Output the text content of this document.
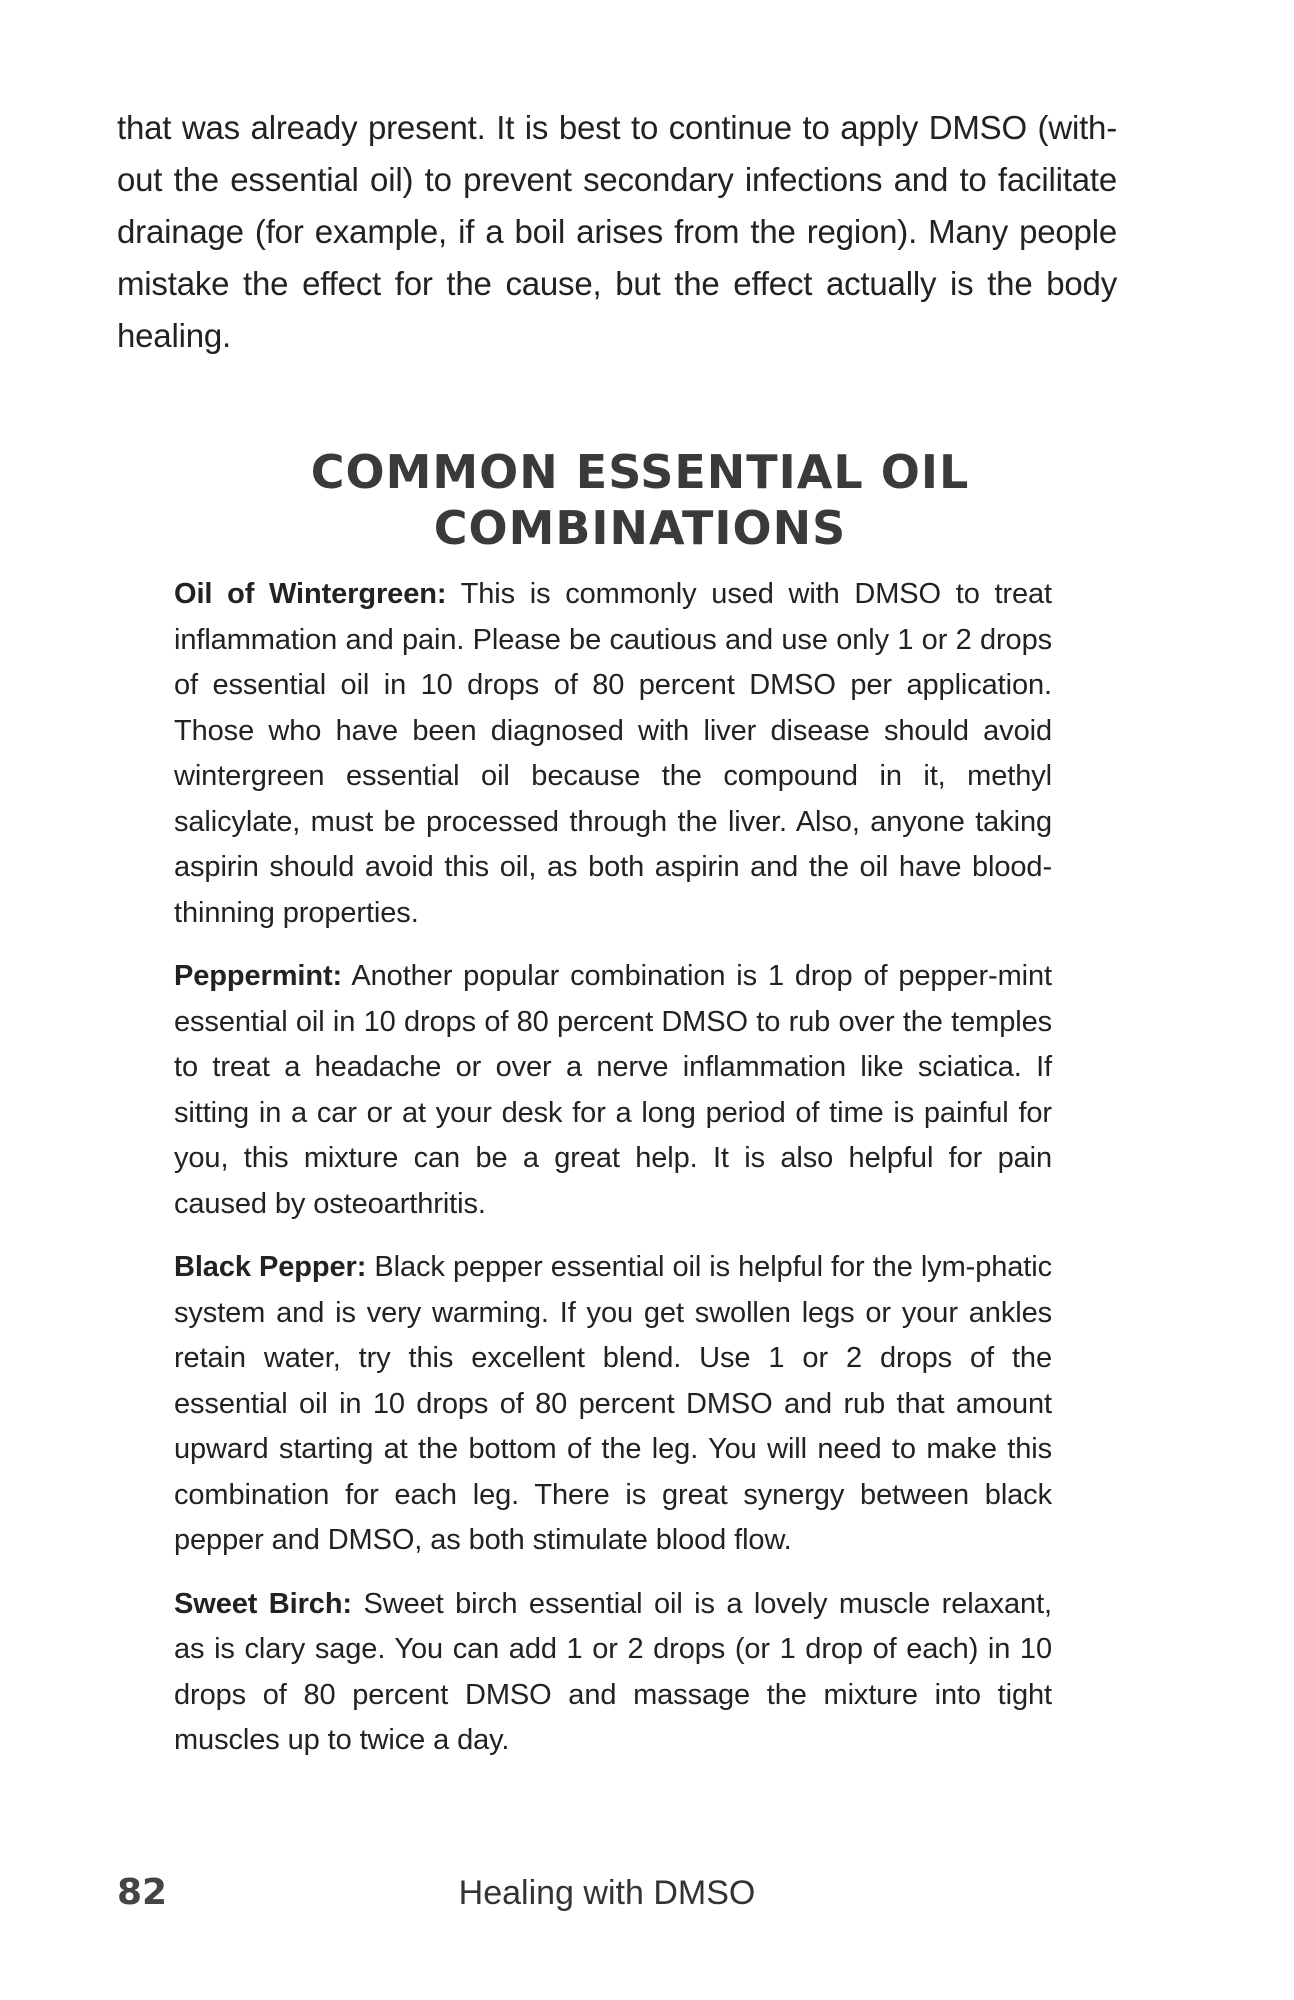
that was already present. It is best to continue to apply DMSO (with-out the essential oil) to prevent secondary infections and to facilitate drainage (for example, if a boil arises from the region). Many people mistake the effect for the cause, but the effect actually is the body healing.

COMMON ESSENTIAL OIL
COMBINATIONS

Oil of Wintergreen: This is commonly used with DMSO to treat inflammation and pain. Please be cautious and use only 1 or 2 drops of essential oil in 10 drops of 80 percent DMSO per application. Those who have been diagnosed with liver disease should avoid wintergreen essential oil because the compound in it, methyl salicylate, must be processed through the liver. Also, anyone taking aspirin should avoid this oil, as both aspirin and the oil have blood-thinning properties.

Peppermint: Another popular combination is 1 drop of pepper-mint essential oil in 10 drops of 80 percent DMSO to rub over the temples to treat a headache or over a nerve inflammation like sciatica. If sitting in a car or at your desk for a long period of time is painful for you, this mixture can be a great help. It is also helpful for pain caused by osteoarthritis.

Black Pepper: Black pepper essential oil is helpful for the lym-phatic system and is very warming. If you get swollen legs or your ankles retain water, try this excellent blend. Use 1 or 2 drops of the essential oil in 10 drops of 80 percent DMSO and rub that amount upward starting at the bottom of the leg. You will need to make this combination for each leg. There is great synergy between black pepper and DMSO, as both stimulate blood flow.

Sweet Birch: Sweet birch essential oil is a lovely muscle relaxant, as is clary sage. You can add 1 or 2 drops (or 1 drop of each) in 10 drops of 80 percent DMSO and massage the mixture into tight muscles up to twice a day.

82	Healing with DMSO
